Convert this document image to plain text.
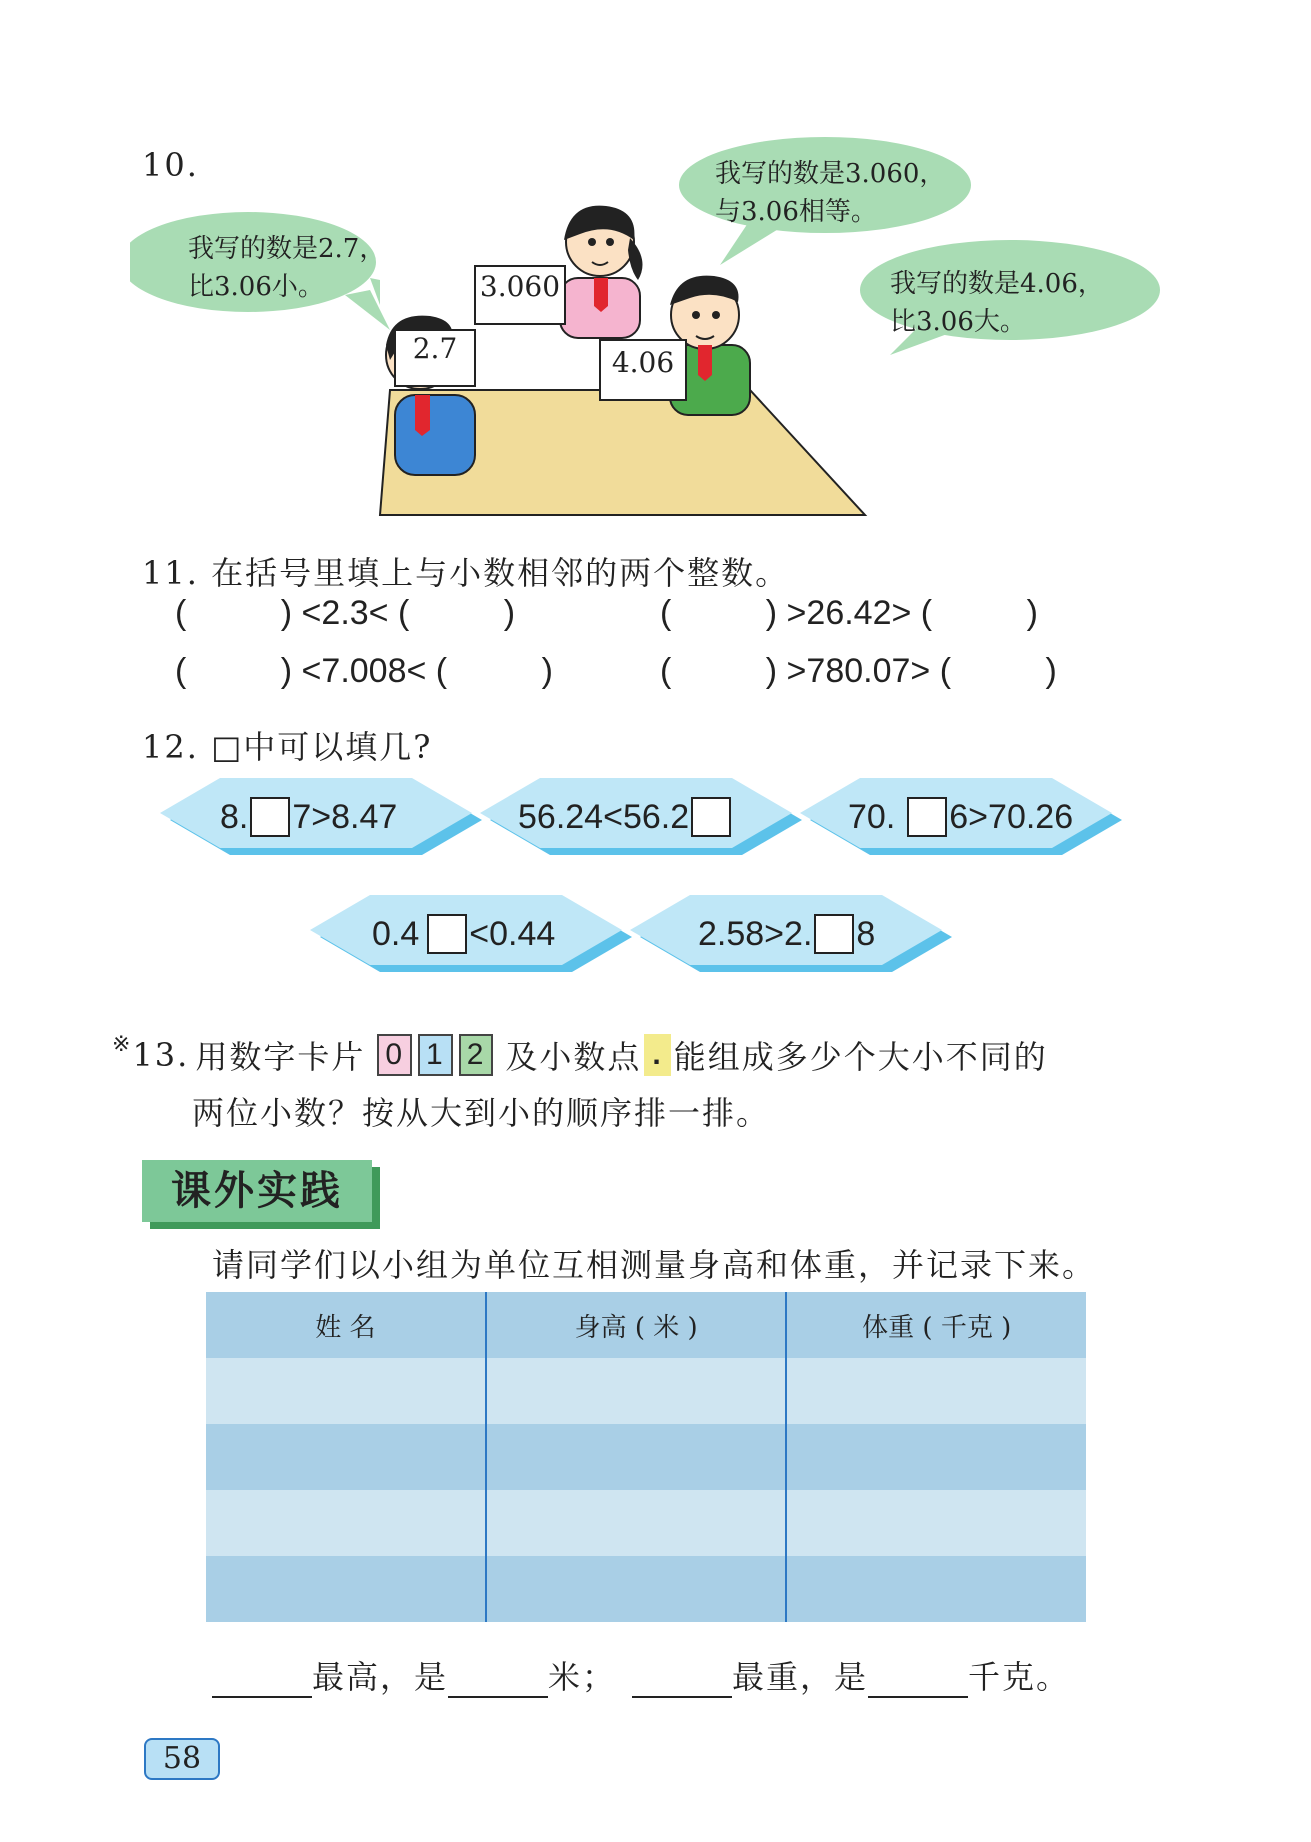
10.
我写的数是2.7，
比3.06小。
我写的数是3.060，
与3.06相等。
我写的数是4.06，
比3.06大。
2.7
3.060
4.06
11. 在括号里填上与小数相邻的两个整数。
(          ) <2.3< (          )	(          ) >26.42> (          )
(          ) <7.008< (          )	(          ) >780.07> (          )
12. □中可以填几?
8. 7>8.47	56.24<56.2	70. 6>70.26
0.4 <0.44	2.58>2. 8
※ 13. 用数字卡片 0 1 2 及小数点 . 能组成多少个大小不同的
两位小数？按从大到小的顺序排一排。
课外实践
请同学们以小组为单位互相测量身高和体重，并记录下来。
姓 名	身高 ( 米 )	体重 ( 千克 )

最高，是	米；	最重，是	千克。
58
